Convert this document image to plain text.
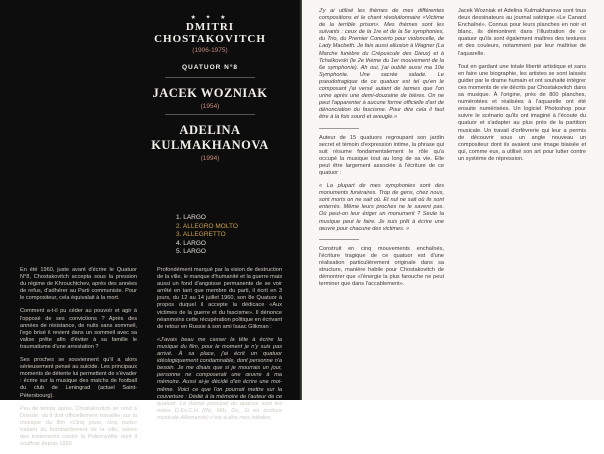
★ ✦ ★
DMITRI
CHOSTAKOVITCH
(1906-1975)
QUATUOR N°8
JACEK WOZNIAK
(1954)
ADELINA KULMAKHANOVA
(1994)
1. LARGO
2. ALLEGRO MOLTO
3. ALLEGRETTO
4. LARGO
5. LARGO

En été 1960, juste avant d'écrire le Quatuor N°8, Chostakovitch accepta sous la pression du régime de Khrouchtchev, après des années de refus, d'adhérer au Parti communiste. Pour le compositeur, cela équivalait à la mort.

Comment a-t-il pu céder au pouvoir et agir à l'opposé de ses convictions ? Après des années de résistance, de nuits sans sommeil, l'ego brisé il revient dans un sommeil avec sa valise prête afin d'éviter à sa famille le traumatisme d'une arrestation ?

Ses proches se souviennent qu'il a alors sérieusement pensé au suicide. Les principaux moments de détente lui permettent de s'évader : écrire sur la musique des matchs de football du club de Leningrad (actuel Saint-Pétersbourg).

Peu de temps après, Chostakovitch se rend à Dresde, où il doit officiellement travailler sur la musique du film «Cinq jours, cinq nuits» traitant du bombardement de la ville, suivre des traitements contre la Poliomyélite dont il souffrait depuis 1959.

Profondément marqué par la vision de destruction de la ville, le manque d'humanité et la guerre mais aussi un fond d'angoisse permanente de se voir arrêté en tant que membre du parti, il écrit en 3 jours, du 12 au 14 juillet 1960, son 8e Quatuor à propos duquel il accepte la dédicace «Aux victimes de la guerre et du fascisme». Il dénonce néanmoins cette récupération politique en écrivant de retour en Russie à son ami Isaac Glikman :

«J'avais beau me casser la tête à écrire la musique du film, pour le moment je n'y suis pas arrivé. À sa place, j'ai écrit un quatuor idéologiquement condamnable, dont personne n'a besoin. Je me disais que si je mourrais un jour, personne ne composerait une œuvre à ma mémoire. Aussi ai-je décidé d'en écrire une moi-même. Voici ce que l'on pourrait mettre sur la couverture : Dédié à la mémoire de l'auteur de ce quatuor. Le thème principal du quatuor sont les notes D.Es.C.H (Ré, Mib, Do, Si en écriture musicale Allemande) c'est-à-dire mes initiales.

J'y ai utilisé les thèmes de mes différentes compositions et le chant révolutionnaire «Victime de la terrible prison». Mes thèmes sont les suivants : ceux de la 1re et de la 5e symphonies, du Trio, du Premier Concerto pour violoncelle, de Lady Macbeth. Je fais aussi allusion à Wagner (La Marche funèbre du Crépuscule des Dieux) et à Tchaïkovski (le 2e thème du 1er mouvement de la 6e symphonie). Ah oui, j'ai oublié aussi ma 10e Symphonie. Une sacrée salade. Le pseudotragique de ce quatuor est tel qu'en le composant j'ai versé autant de larmes que l'on urine après une demi-douzaine de bières. On ne peut l'apparenter à aucune forme officielle d'art de dénonciation du fascisme. Pour dire cela il faut être à la fois sourd et aveugle.»

Auteur de 15 quatuors regroupant son jardin secret et témoin d'expression intime, la phrase qui suit résume fondamentalement le rôle qu'a occupé la musique tout au long de sa vie. Elle peut être largement associée à l'écriture de ce quatuor :

« La plupart de mes symphonies sont des monuments funéraires. Trop de gens, chez nous, sont morts on ne sait où. Et nul ne sait où ils sont enterrés. Même leurs proches ne le savent pas. Où peut-on leur ériger un monument ? Seule la musique peut le faire. Je suis prêt à écrire une œuvre pour chacune des victimes. »

Construit en cinq mouvements enchaînés, l'écriture tragique de ce quatuor est d'une réalisation particulièrement originale dans sa structure, manière habile pour Chostakovitch de démontrer que «l'énergie la plus farouche ne peut terminer que dans l'accablement».

Jacek Wozniak et Adelina Kulmakhanova sont tous deux dessinateurs au journal satirique «Le Canard Enchaîné». Connus pour leurs planches en noir et blanc, ils démontrent dans l'illustration de ce quatuor qu'ils sont également maîtres des textures et des couleurs, notamment par leur maîtrise de l'aquarelle.

Tout en gardant une totale liberté artistique et sans en faire une biographie, les artistes se sont laissés guider par le drame humain et ont souhaité intégrer ces moments de vie décrits par Chostakovitch dans sa musique. À l'origine, près de 800 planches, numérotées et réalisées à l'aquarelle ont été ensuite numérisées. Un logiciel Photoshop pour suivre le scénario qu'ils ont imaginé à l'écoute du quatuor et s'adapter au plus près de la partition musicale. Un travail d'orfèvrerie qui leur a permis de découvrir sous un angle nouveau un compositeur dont ils avaient une image biaisée et qui, comme eux, a utilisé son art pour lutter contre un système de répression.
